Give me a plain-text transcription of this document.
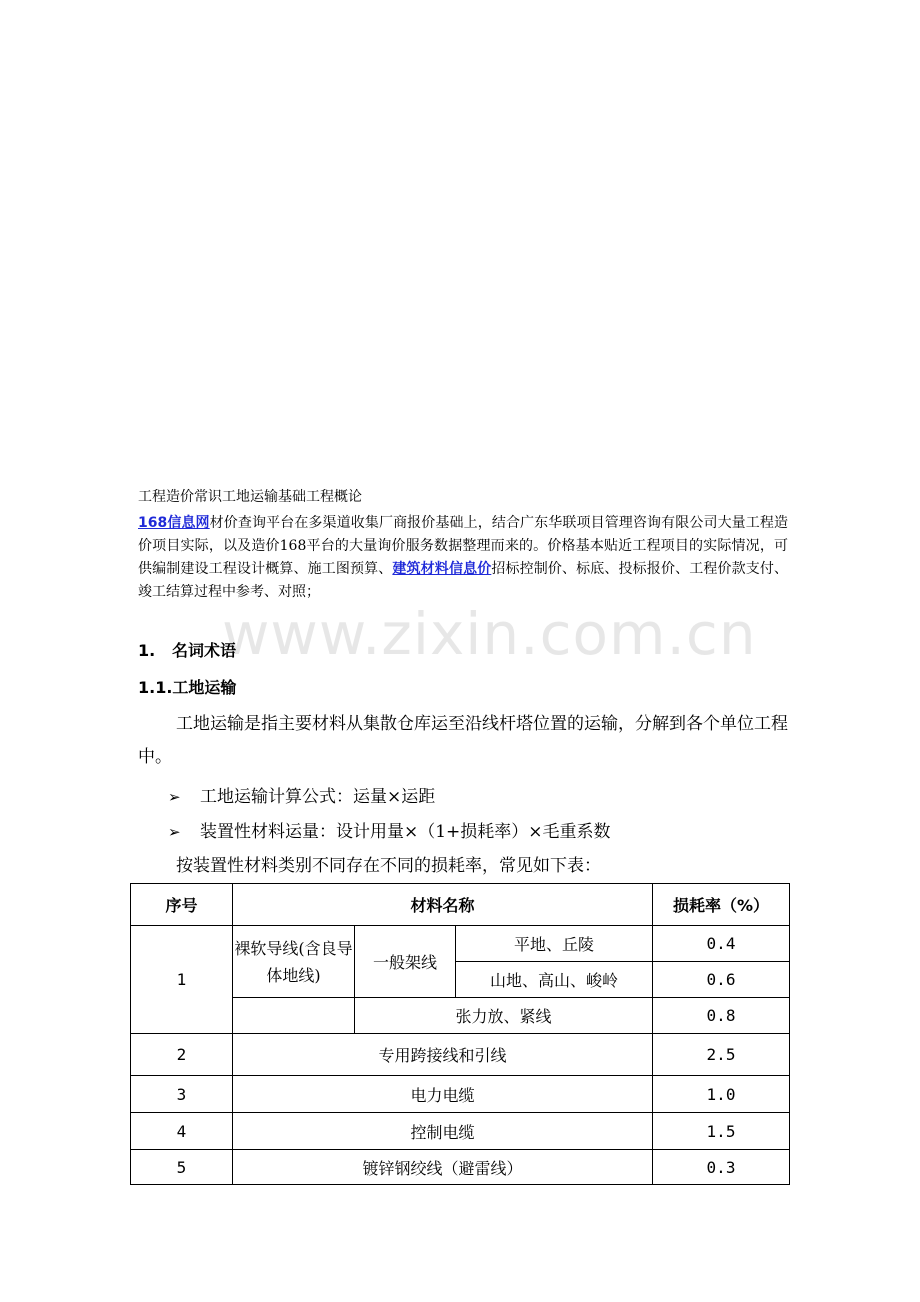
www.zixin.com.cn
工程造价常识工地运输基础工程概论
168信息网材价查询平台在多渠道收集厂商报价基础上，结合广东华联项目管理咨询有限公司大量工程造价项目实际，以及造价168平台的大量询价服务数据整理而来的。价格基本贴近工程项目的实际情况，可供编制建设工程设计概算、施工图预算、建筑材料信息价招标控制价、标底、投标报价、工程价款支付、竣工结算过程中参考、对照；
1. 名词术语
1.1.工地运输
工地运输是指主要材料从集散仓库运至沿线杆塔位置的运输，分解到各个单位工程中。
➢ 工地运输计算公式：运量×运距
➢ 装置性材料运量：设计用量×（1+损耗率）×毛重系数
按装置性材料类别不同存在不同的损耗率，常见如下表：
序号	材料名称			损耗率（%）
1	裸软导线(含良导体地线)	一般架线	平地、丘陵	0.4
			山地、高山、峻岭	0.6
		张力放、紧线		0.8
2	专用跨接线和引线			2.5
3	电力电缆			1.0
4	控制电缆			1.5
5	镀锌钢绞线（避雷线）			0.3
